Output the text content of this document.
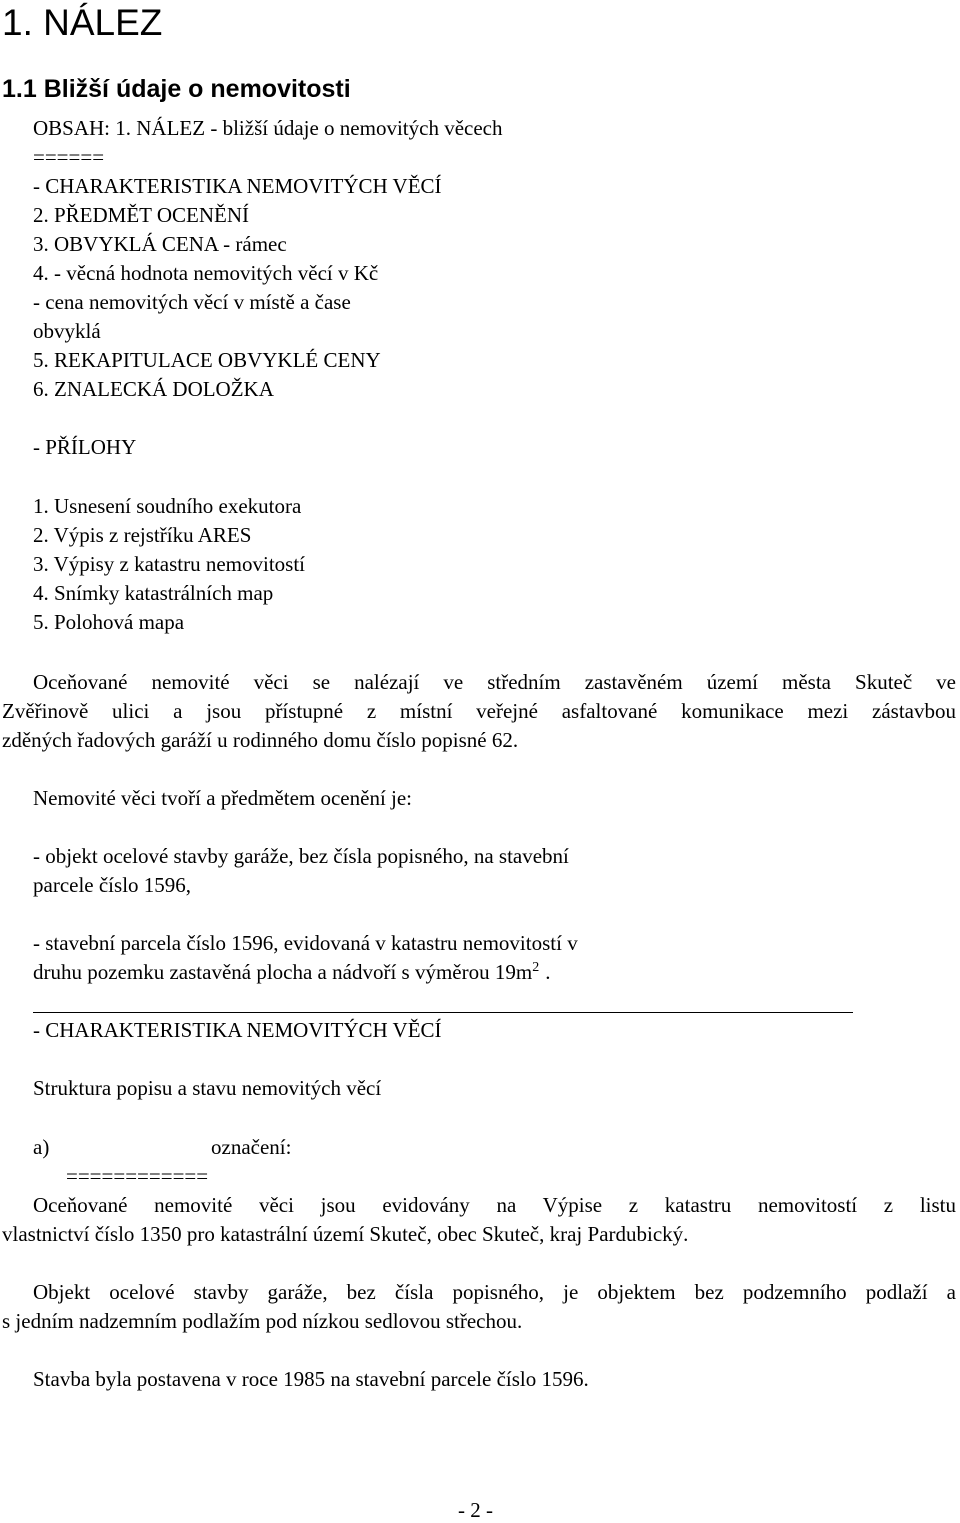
1. NÁLEZ
1.1 Bližší údaje o nemovitosti
OBSAH: 1. NÁLEZ - bližší údaje o nemovitých věcech
======
- CHARAKTERISTIKA NEMOVITÝCH VĚCÍ
2. PŘEDMĚT OCENĚNÍ
3. OBVYKLÁ CENA - rámec
4. - věcná hodnota nemovitých věcí v Kč
- cena nemovitých věcí v místě a čase
obvyklá
5. REKAPITULACE OBVYKLÉ CENY
6. ZNALECKÁ DOLOŽKA
- PŘÍLOHY
1. Usnesení soudního exekutora
2. Výpis z rejstříku ARES
3. Výpisy z katastru nemovitostí
4. Snímky katastrálních map
5. Polohová mapa
Oceňované nemovité věci se nalézají ve středním zastavěném území města Skuteč ve
Zvěřinově ulici a jsou přístupné z místní veřejné asfaltované komunikace mezi zástavbou
zděných řadových garáží u rodinného domu číslo popisné 62.
Nemovité věci tvoří a předmětem ocenění je:
- objekt ocelové stavby garáže, bez čísla popisného, na stavební
parcele číslo 1596,
- stavební parcela číslo 1596, evidovaná v katastru nemovitostí v
druhu pozemku zastavěná plocha a nádvoří s výměrou $19m^2$ .
- CHARAKTERISTIKA NEMOVITÝCH VĚCÍ
Struktura popisu a stavu nemovitých věcí
a)	označení:
============
Oceňované nemovité věci jsou evidovány na Výpise z katastru nemovitostí z listu
vlastnictví číslo 1350 pro katastrální území Skuteč, obec Skuteč, kraj Pardubický.
Objekt ocelové stavby garáže, bez čísla popisného, je objektem bez podzemního podlaží a
s jedním nadzemním podlažím pod nízkou sedlovou střechou.
Stavba byla postavena v roce 1985 na stavební parcele číslo 1596.
- 2 -
